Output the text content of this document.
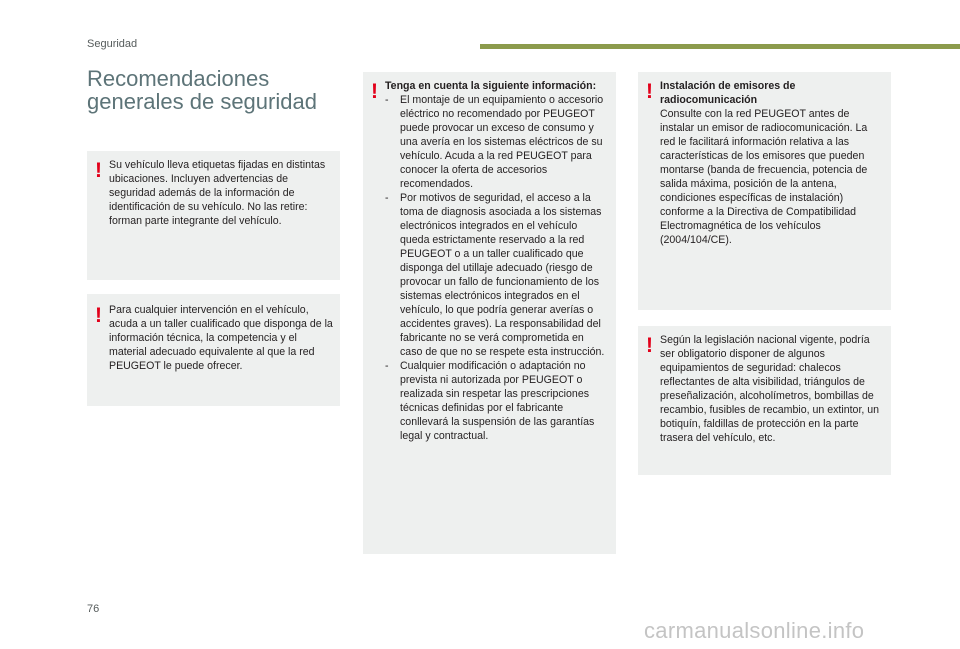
Seguridad
Recomendaciones generales de seguridad
! Su vehículo lleva etiquetas fijadas en distintas ubicaciones. Incluyen advertencias de seguridad además de la información de identificación de su vehículo. No las retire: forman parte integrante del vehículo.

! Para cualquier intervención en el vehículo, acuda a un taller cualificado que disponga de la información técnica, la competencia y el material adecuado equivalente al que la red PEUGEOT le puede ofrecer.

! Tenga en cuenta la siguiente información:

- El montaje de un equipamiento o accesorio eléctrico no recomendado por PEUGEOT puede provocar un exceso de consumo y una avería en los sistemas eléctricos de su vehículo. Acuda a la red PEUGEOT para conocer la oferta de accesorios recomendados.
- Por motivos de seguridad, el acceso a la toma de diagnosis asociada a los sistemas electrónicos integrados en el vehículo queda estrictamente reservado a la red PEUGEOT o a un taller cualificado que disponga del utillaje adecuado (riesgo de provocar un fallo de funcionamiento de los sistemas electrónicos integrados en el vehículo, lo que podría generar averías o accidentes graves). La responsabilidad del fabricante no se verá comprometida en caso de que no se respete esta instrucción.
- Cualquier modificación o adaptación no prevista ni autorizada por PEUGEOT o realizada sin respetar las prescripciones técnicas definidas por el fabricante conllevará la suspensión de las garantías legal y contractual.
! Instalación de emisores de radiocomunicación

Consulte con la red PEUGEOT antes de instalar un emisor de radiocomunicación. La red le facilitará información relativa a las características de los emisores que pueden montarse (banda de frecuencia, potencia de salida máxima, posición de la antena, condiciones específicas de instalación) conforme a la Directiva de Compatibilidad Electromagnética de los vehículos (2004/104/CE).

! Según la legislación nacional vigente, podría ser obligatorio disponer de algunos equipamientos de seguridad: chalecos reflectantes de alta visibilidad, triángulos de preseñalización, alcoholímetros, bombillas de recambio, fusibles de recambio, un extintor, un botiquín, faldillas de protección en la parte trasera del vehículo, etc.

76
carmanualsonline.info
